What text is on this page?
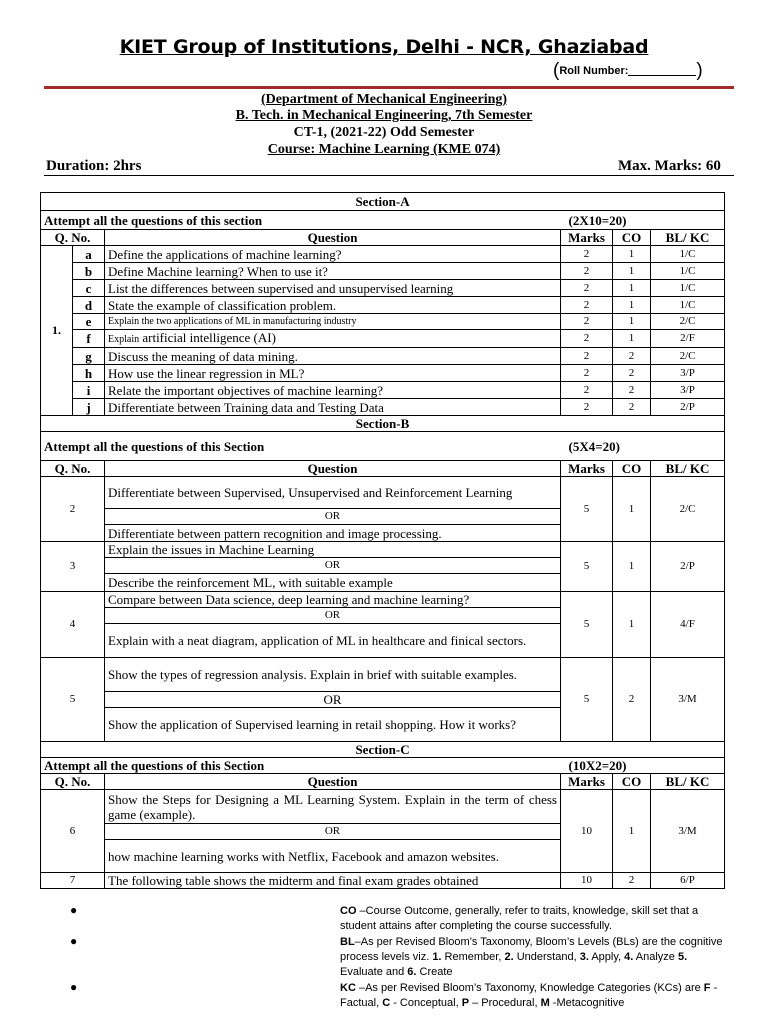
KIET Group of Institutions, Delhi - NCR, Ghaziabad
(Roll Number:	)
(Department of Mechanical Engineering)
B. Tech. in Mechanical Engineering, 7th Semester
CT-1, (2021-22) Odd Semester
Course: Machine Learning (KME 074)
Duration: 2hrs	Max. Marks: 60
Section-A					
Attempt all the questions of this section (2X10=20)					

Q. No.		Question	Marks	CO	BL/ KC
1.	a	Define the applications of machine learning?	2	1	1/C
	b	Define Machine learning? When to use it?	2	1	1/C
	c	List the differences between supervised and unsupervised learning	2	1	1/C
	d	State the example of classification problem.	2	1	1/C
	e	Explain the two applications of ML in manufacturing industry	2	1	2/C
	f	Explain artificial intelligence (AI)	2	1	2/F
	g	Discuss the meaning of data mining.	2	2	2/C
	h	How use the linear regression in ML?	2	2	3/P
	i	Relate the important objectives of machine learning?	2	2	3/P
	j	Differentiate between Training data and Testing Data	2	2	2/P
Section-B					
Attempt all the questions of this Section (5X4=20)					

Q. No.		Question	Marks	CO	BL/ KC
2		Differentiate between Supervised, Unsupervised and Reinforcement Learning	5	1	2/C
		OR			
		Differentiate between pattern recognition and image processing.			
3		Explain the issues in Machine Learning	5	1	2/P
		OR			
		Describe the reinforcement ML, with suitable example			
4		Compare between Data science, deep learning and machine learning?	5	1	4/F
		OR			
		Explain with a neat diagram, application of ML in healthcare and finical sectors.			
5		Show the types of regression analysis. Explain in brief with suitable examples.	5	2	3/M
		OR			
		Show the application of Supervised learning in retail shopping. How it works?			
Section-C					
Attempt all the questions of this Section (10X2=20)					

Q. No.		Question	Marks	CO	BL/ KC
6		Show the Steps for Designing a ML Learning System. Explain in the term of chess game (example).	10	1	3/M
		OR			
		how machine learning works with Netflix, Facebook and amazon websites.			
7		The following table shows the midterm and final exam grades obtained	10	2	6/P
●	CO –Course Outcome, generally, refer to traits, knowledge, skill set that a student attains after completing the course successfully.
●	BL–As per Revised Bloom’s Taxonomy, Bloom’s Levels (BLs) are the cognitive process levels viz. 1. Remember, 2. Understand, 3. Apply, 4. Analyze 5. Evaluate and 6. Create
●	KC –As per Revised Bloom’s Taxonomy, Knowledge Categories (KCs) are F - Factual, C - Conceptual, P – Procedural, M -Metacognitive
